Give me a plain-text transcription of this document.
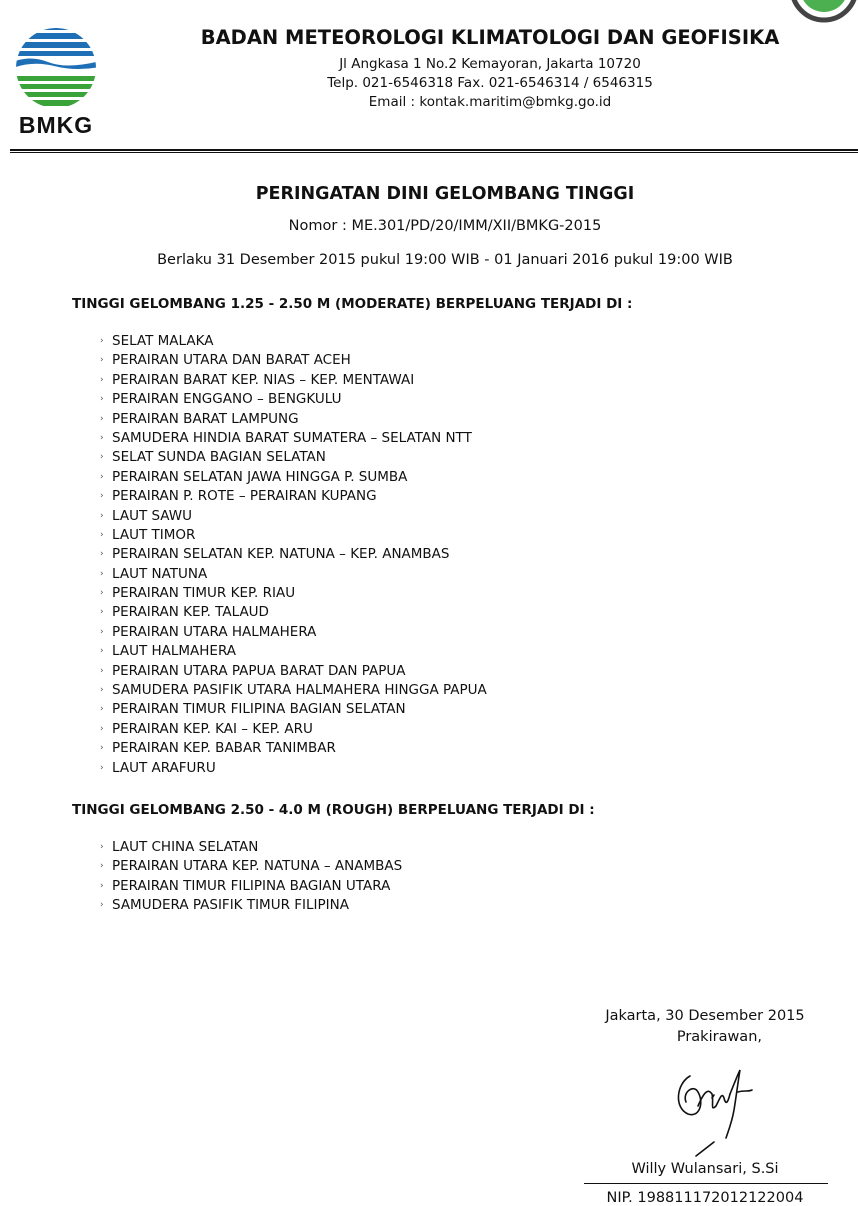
BMKG
BADAN METEOROLOGI KLIMATOLOGI DAN GEOFISIKA
Jl Angkasa 1 No.2 Kemayoran, Jakarta 10720
Telp. 021-6546318 Fax. 021-6546314 / 6546315
Email : kontak.maritim@bmkg.go.id
PERINGATAN DINI GELOMBANG TINGGI
Nomor : ME.301/PD/20/IMM/XII/BMKG-2015
Berlaku 31 Desember 2015 pukul 19:00 WIB - 01 Januari 2016 pukul 19:00 WIB
TINGGI GELOMBANG 1.25 - 2.50 M (MODERATE) BERPELUANG TERJADI DI :
› SELAT MALAKA
› PERAIRAN UTARA DAN BARAT ACEH
› PERAIRAN BARAT KEP. NIAS – KEP. MENTAWAI
› PERAIRAN ENGGANO – BENGKULU
› PERAIRAN BARAT LAMPUNG
› SAMUDERA HINDIA BARAT SUMATERA – SELATAN NTT
› SELAT SUNDA BAGIAN SELATAN
› PERAIRAN SELATAN JAWA HINGGA P. SUMBA
› PERAIRAN P. ROTE – PERAIRAN KUPANG
› LAUT SAWU
› LAUT TIMOR
› PERAIRAN SELATAN KEP. NATUNA – KEP. ANAMBAS
› LAUT NATUNA
› PERAIRAN TIMUR KEP. RIAU
› PERAIRAN KEP. TALAUD
› PERAIRAN UTARA HALMAHERA
› LAUT HALMAHERA
› PERAIRAN UTARA PAPUA BARAT DAN PAPUA
› SAMUDERA PASIFIK UTARA HALMAHERA HINGGA PAPUA
› PERAIRAN TIMUR FILIPINA BAGIAN SELATAN
› PERAIRAN KEP. KAI – KEP. ARU
› PERAIRAN KEP. BABAR TANIMBAR
› LAUT ARAFURU
TINGGI GELOMBANG 2.50 - 4.0 M (ROUGH) BERPELUANG TERJADI DI :
› LAUT CHINA SELATAN
› PERAIRAN UTARA KEP. NATUNA – ANAMBAS
› PERAIRAN TIMUR FILIPINA BAGIAN UTARA
› SAMUDERA PASIFIK TIMUR FILIPINA
Jakarta, 30 Desember 2015
Prakirawan,
Willy Wulansari, S.Si
NIP. 198811172012122004
